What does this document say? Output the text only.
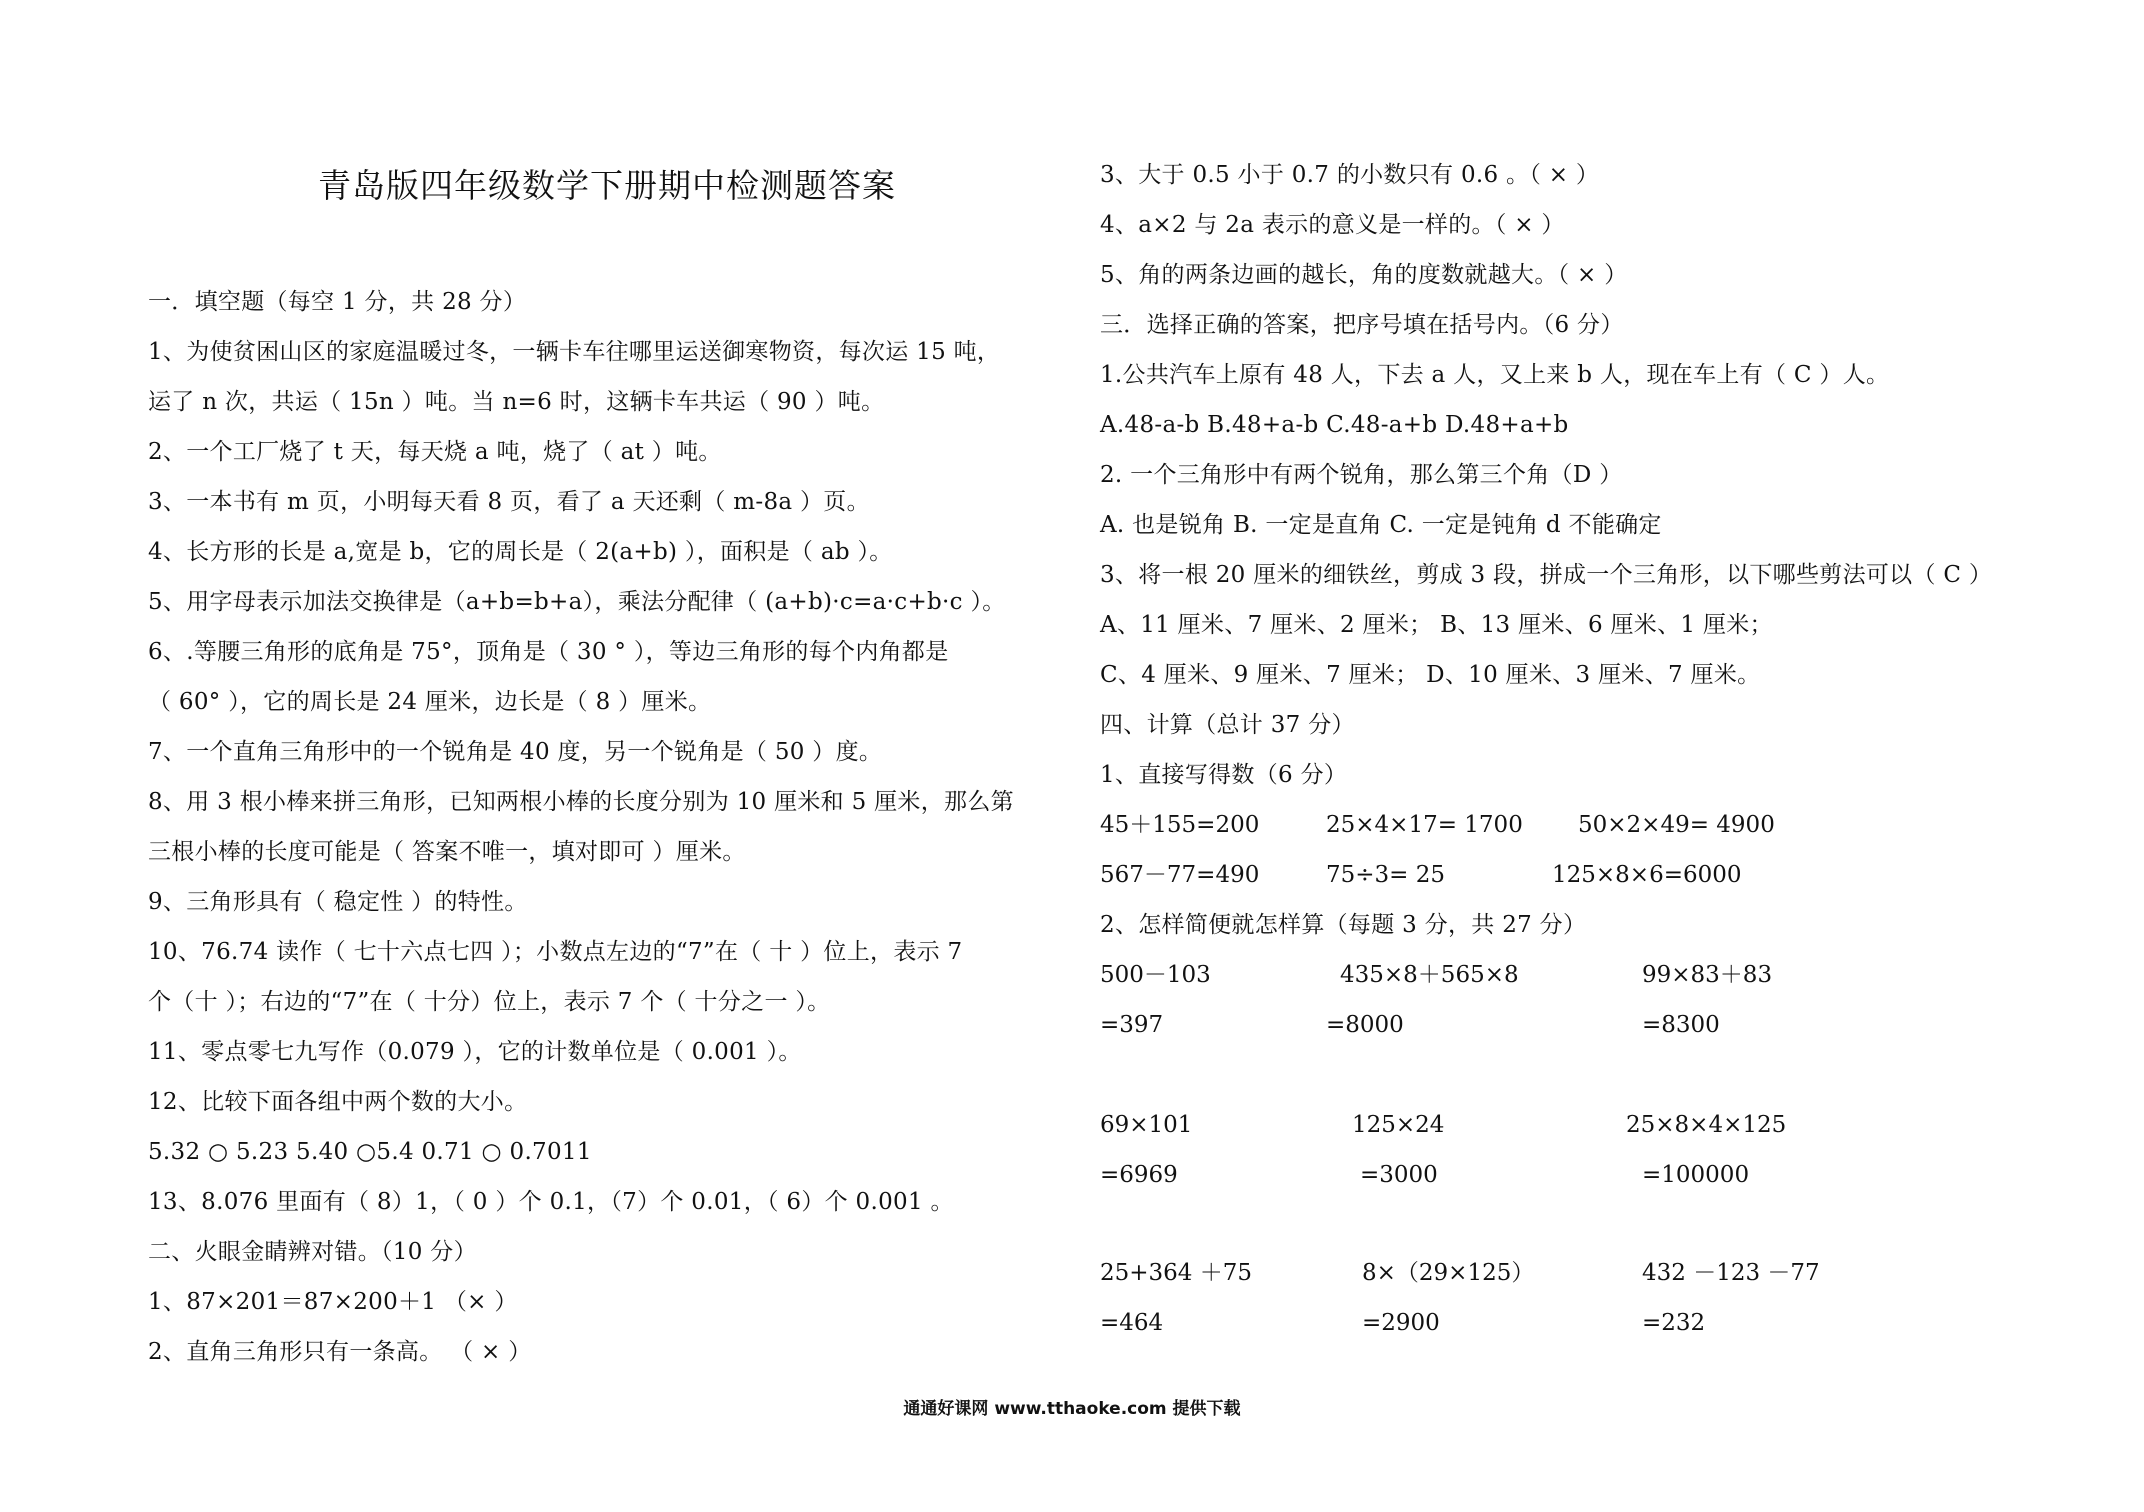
青岛版四年级数学下册期中检测题答案
一．填空题（每空 1 分，共 28 分）
1、为使贫困山区的家庭温暖过冬，一辆卡车往哪里运送御寒物资，每次运 15 吨，
运了 n 次，共运（ 15n ）吨。当 n=6 时，这辆卡车共运（ 90 ）吨。
2、一个工厂烧了 t 天，每天烧 a 吨，烧了（ at ）吨。
3、一本书有 m 页，小明每天看 8 页，看了 a 天还剩（ m-8a ）页。
4、长方形的长是 a,宽是 b，它的周长是（ 2(a+b) ），面积是（ ab ）。
5、用字母表示加法交换律是（a+b=b+a），乘法分配律（ (a+b)·c=a·c+b·c ）。
6、.等腰三角形的底角是 75°，顶角是（ 30 ° ），等边三角形的每个内角都是
（ 60° ），它的周长是 24 厘米，边长是（ 8 ）厘米。
7、一个直角三角形中的一个锐角是 40 度，另一个锐角是（ 50 ）度。
8、用 3 根小棒来拼三角形，已知两根小棒的长度分别为 10 厘米和 5 厘米，那么第
三根小棒的长度可能是（ 答案不唯一，填对即可 ）厘米。
9、三角形具有（ 稳定性 ）的特性。
10、76.74 读作（ 七十六点七四 ）；小数点左边的“7”在（ 十 ）位上，表示 7
个（十 ）；右边的“7”在（ 十分）位上，表示 7 个（ 十分之一 ）。
11、零点零七九写作（0.079 ），它的计数单位是（ 0.001 ）。
12、比较下面各组中两个数的大小。
5.32 ○ 5.23 5.40 ○5.4 0.71 ○ 0.7011
13、8.076 里面有（ 8）1，（ 0 ）个 0.1，（7）个 0.01，（ 6）个 0.001 。
二、火眼金睛辨对错。（10 分）
1、87×201＝87×200＋1 （× ）
2、直角三角形只有一条高。 （ × ）
3、大于 0.5 小于 0.7 的小数只有 0.6 。（ × ）
4、a×2 与 2a 表示的意义是一样的。（ × ）
5、角的两条边画的越长，角的度数就越大。（ × ）
三．选择正确的答案，把序号填在括号内。（6 分）
1.公共汽车上原有 48 人，下去 a 人，又上来 b 人，现在车上有（ C ）人。
A.48-a-b B.48+a-b C.48-a+b D.48+a+b
2. 一个三角形中有两个锐角，那么第三个角（D ）
A. 也是锐角 B. 一定是直角 C. 一定是钝角 d 不能确定
3、将一根 20 厘米的细铁丝，剪成 3 段，拼成一个三角形，以下哪些剪法可以（ C ）
A、11 厘米、7 厘米、2 厘米； B、13 厘米、6 厘米、1 厘米；
C、4 厘米、9 厘米、7 厘米； D、10 厘米、3 厘米、7 厘米。
四、计算（总计 37 分）
1、直接写得数（6 分）
45＋155=200	25×4×17= 1700 50×2×49= 4900
567－77=490	75÷3= 25	125×8×6=6000
2、怎样简便就怎样算（每题 3 分，共 27 分）
500－103	435×8＋565×8	99×83＋83
=397	=8000	=8300
69×101	125×24	25×8×4×125
=6969	=3000	=100000
25+364 ＋75	8×（29×125）	432 －123 －77
=464	=2900	=232
通通好课网 www.tthaoke.com 提供下载
